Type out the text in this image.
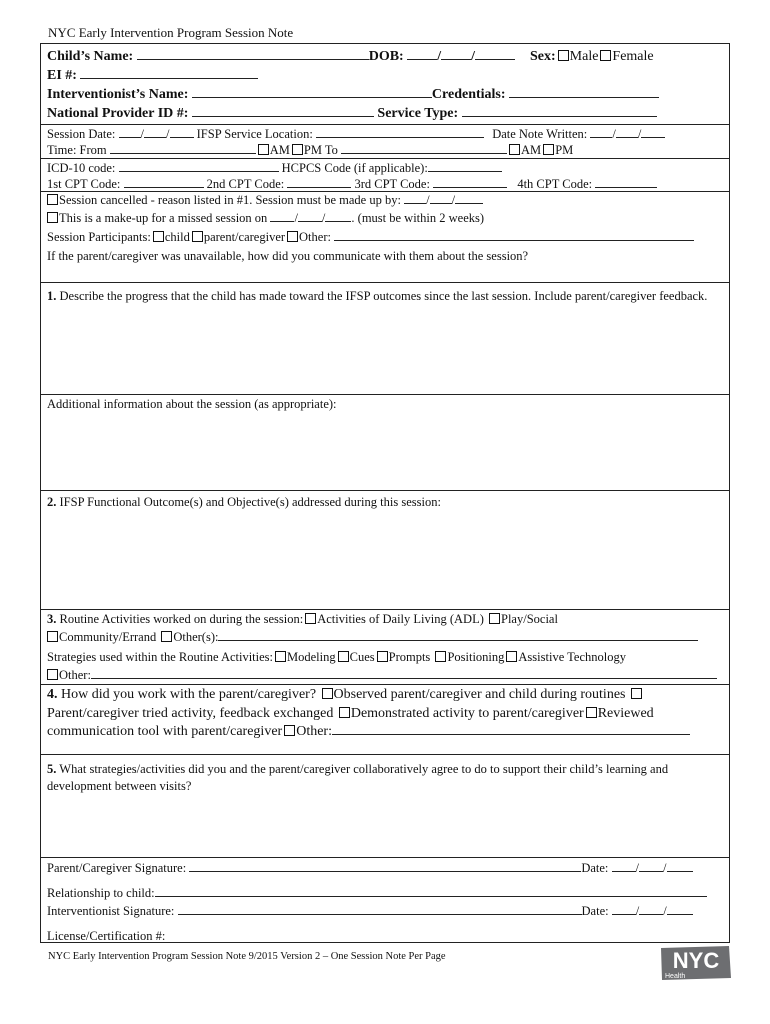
NYC Early Intervention Program Session Note
Child’s Name:	DOB: / /	Sex: Male Female
EI #:
Interventionist’s Name:	Credentials:
National Provider ID #:	Service Type:
Session Date: / / IFSP Service Location:	Date Note Written: / /
Time: From	AM PM To	AM PM
ICD-10 code:	HCPCS Code (if applicable):
1st CPT Code:	2nd CPT Code:	3rd CPT Code:	4th CPT Code:
Session cancelled - reason listed in #1. Session must be made up by: / /
This is a make-up for a missed session on / / . (must be within 2 weeks)
Session Participants: child parent/caregiver Other:
If the parent/caregiver was unavailable, how did you communicate with them about the session?
1. Describe the progress that the child has made toward the IFSP outcomes since the last session. Include parent/caregiver feedback.
Additional information about the session (as appropriate):
2. IFSP Functional Outcome(s) and Objective(s) addressed during this session:
3. Routine Activities worked on during the session: Activities of Daily Living (ADL) Play/Social
Community/Errand Other(s):
Strategies used within the Routine Activities: Modeling Cues Prompts Positioning Assistive Technology
Other:
4. How did you work with the parent/caregiver? Observed parent/caregiver and child during routines
Parent/caregiver tried activity, feedback exchanged Demonstrated activity to parent/caregiver Reviewed
communication tool with parent/caregiver Other:
5. What strategies/activities did you and the parent/caregiver collaboratively agree to do to support their child’s learning and development between visits?
Parent/Caregiver Signature:	Date: / /
Relationship to child:
Interventionist Signature:	Date: / /
License/Certification #:
NYC Early Intervention Program Session Note 9/2015 Version 2 – One Session Note Per Page	NYC
Health
